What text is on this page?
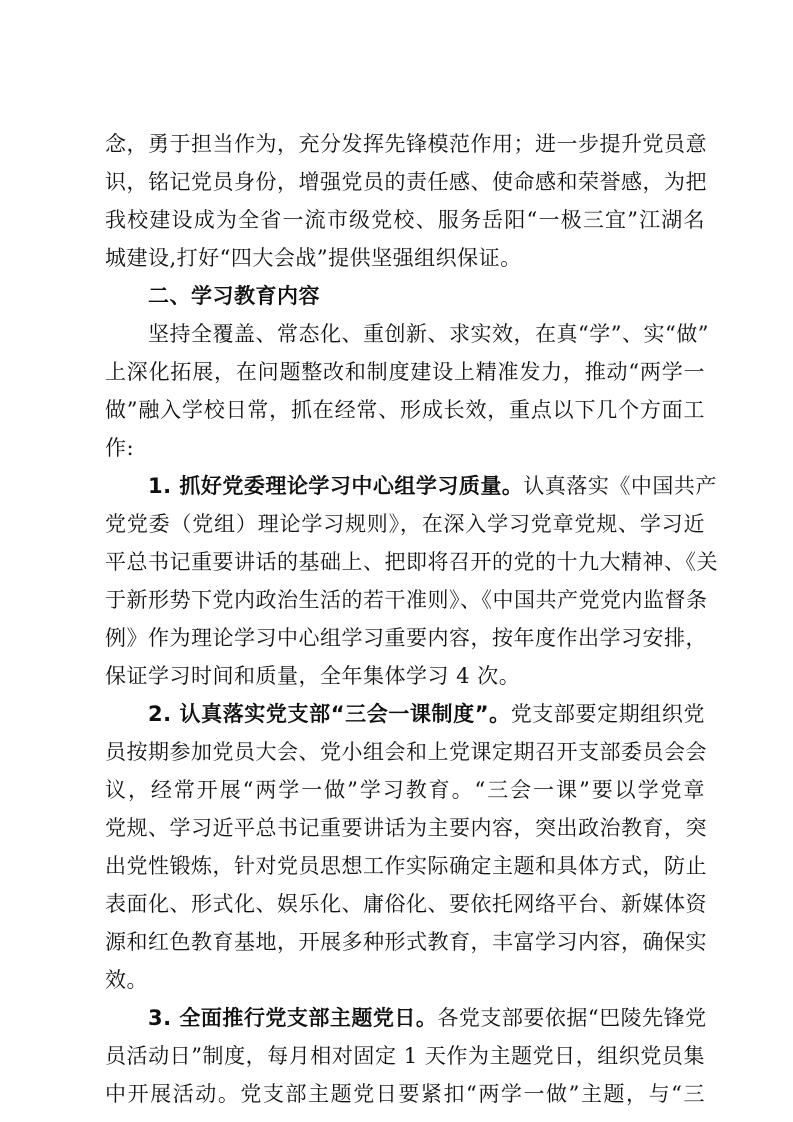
念，勇于担当作为，充分发挥先锋模范作用；进一步提升党员意
识，铭记党员身份，增强党员的责任感、使命感和荣誉感，为把
我校建设成为全省一流市级党校、服务岳阳“一极三宜”江湖名
城建设,打好“四大会战”提供坚强组织保证。
二、学习教育内容
坚持全覆盖、常态化、重创新、求实效，在真“学”、实“做”
上深化拓展，在问题整改和制度建设上精准发力，推动“两学一
做”融入学校日常，抓在经常、形成长效，重点以下几个方面工
作:
1. 抓好党委理论学习中心组学习质量。认真落实《中国共产
党党委（党组）理论学习规则》，在深入学习党章党规、学习近
平总书记重要讲话的基础上、把即将召开的党的十九大精神、《关
于新形势下党内政治生活的若干准则》、《中国共产党党内监督条
例》作为理论学习中心组学习重要内容，按年度作出学习安排，
保证学习时间和质量，全年集体学习 4 次。
2. 认真落实党支部“三会一课制度”。党支部要定期组织党
员按期参加党员大会、党小组会和上党课定期召开支部委员会会
议，经常开展“两学一做”学习教育。“三会一课”要以学党章
党规、学习近平总书记重要讲话为主要内容，突出政治教育，突
出党性锻炼，针对党员思想工作实际确定主题和具体方式，防止
表面化、形式化、娱乐化、庸俗化、要依托网络平台、新媒体资
源和红色教育基地，开展多种形式教育，丰富学习内容，确保实
效。
3. 全面推行党支部主题党日。各党支部要依据“巴陵先锋党
员活动日”制度，每月相对固定 1 天作为主题党日，组织党员集
中开展活动。党支部主题党日要紧扣“两学一做”主题，与“三
